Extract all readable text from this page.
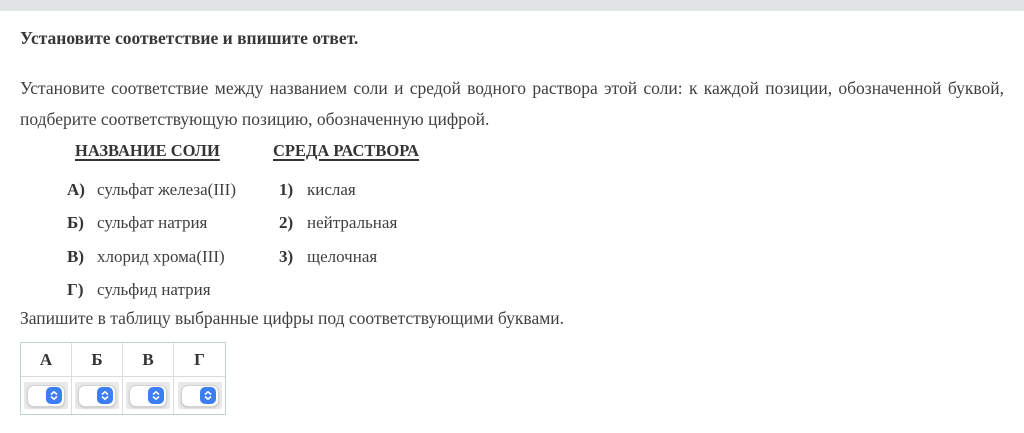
Установите соответствие и впишите ответ.

Установите соответствие между названием соли и средой водного раствора этой соли: к каждой позиции, обозначенной буквой, подберите соответствующую позицию, обозначенную цифрой.

НАЗВАНИЕ СОЛИ	СРЕДА РАСТВОРА
А) сульфат железа(III)	1) кислая
Б) сульфат натрия	2) нейтральная
В) хлорид хрома(III)	3) щелочная
Г) сульфид натрия

Запишите в таблицу выбранные цифры под соответствующими буквами.

А	Б	В	Г
